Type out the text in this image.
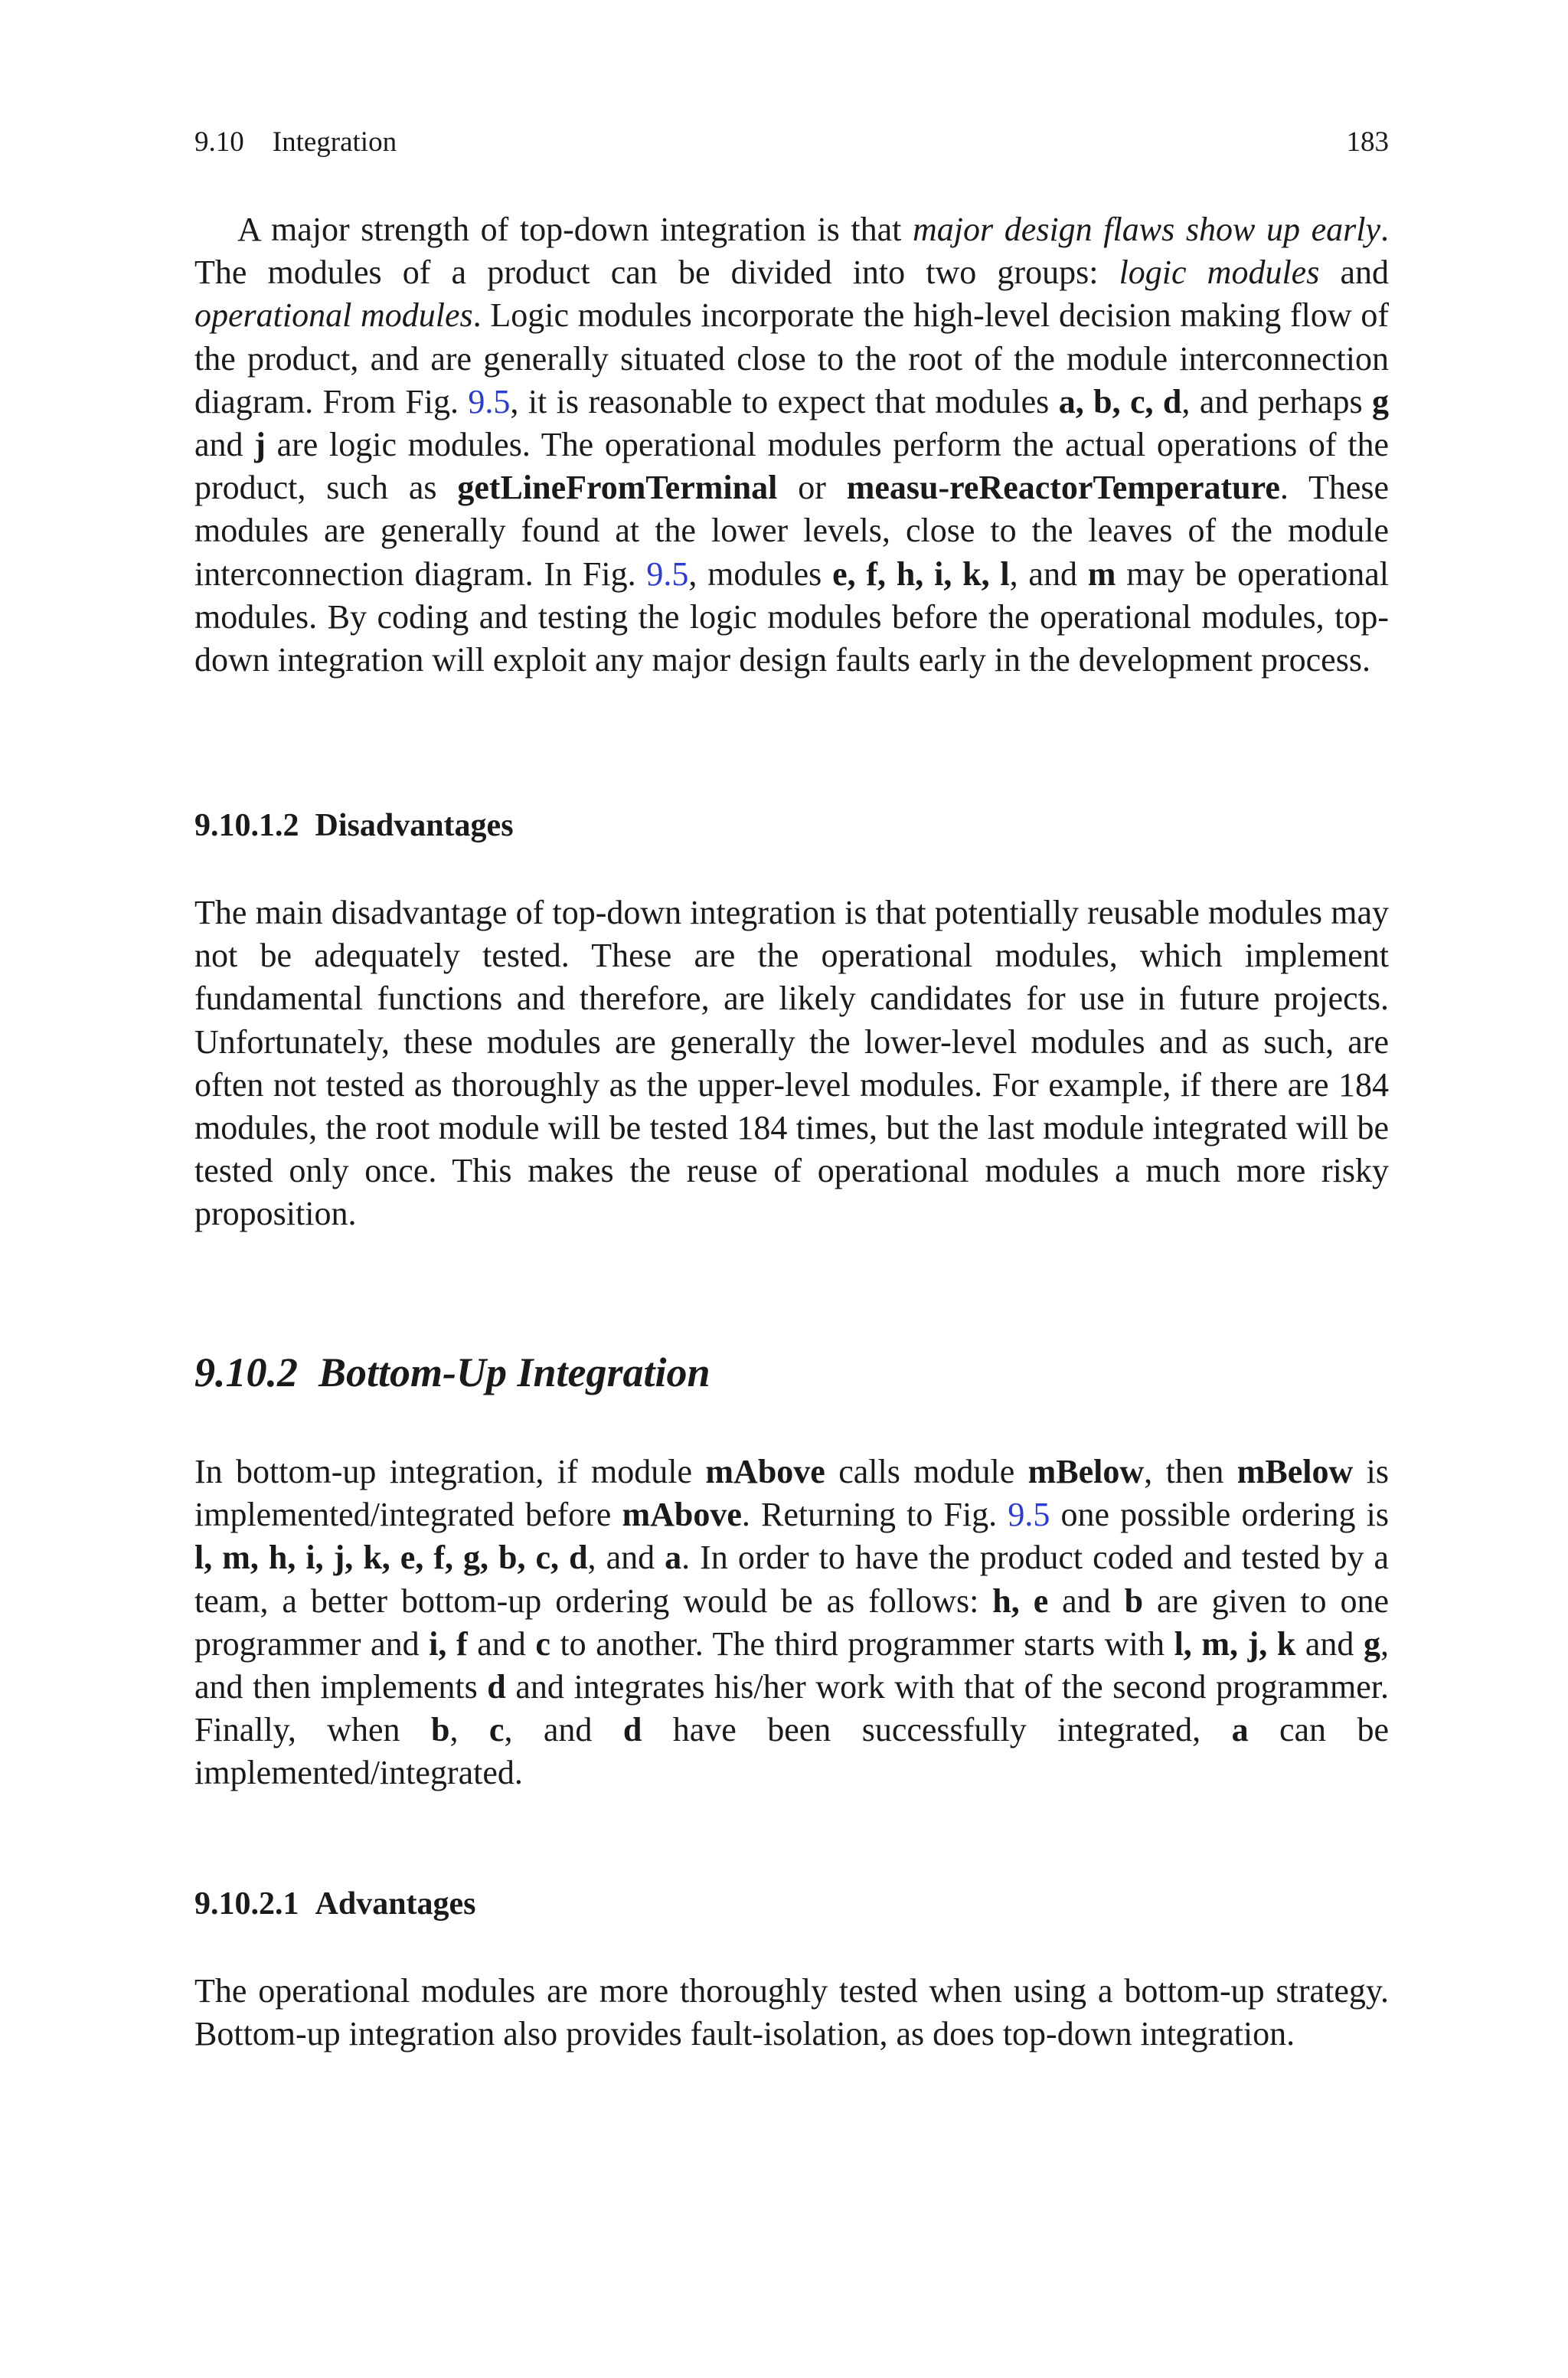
9.10 Integration	183

A major strength of top-down integration is that major design flaws show up early. The modules of a product can be divided into two groups: logic modules and operational modules. Logic modules incorporate the high-level decision making flow of the product, and are generally situated close to the root of the module interconnection diagram. From Fig. 9.5, it is reasonable to expect that modules a, b, c, d, and perhaps g and j are logic modules. The operational modules perform the actual operations of the product, such as getLineFromTerminal or measu-reReactorTemperature. These modules are generally found at the lower levels, close to the leaves of the module interconnection diagram. In Fig. 9.5, modules e, f, h, i, k, l, and m may be operational modules. By coding and testing the logic modules before the operational modules, top-down integration will exploit any major design faults early in the development process.

9.10.1.2 Disadvantages

The main disadvantage of top-down integration is that potentially reusable modules may not be adequately tested. These are the operational modules, which implement fundamental functions and therefore, are likely candidates for use in future projects. Unfortunately, these modules are generally the lower-level modules and as such, are often not tested as thoroughly as the upper-level modules. For example, if there are 184 modules, the root module will be tested 184 times, but the last module integrated will be tested only once. This makes the reuse of operational modules a much more risky proposition.

9.10.2 Bottom-Up Integration

In bottom-up integration, if module mAbove calls module mBelow, then mBelow is implemented/integrated before mAbove. Returning to Fig. 9.5 one possible ordering is l, m, h, i, j, k, e, f, g, b, c, d, and a. In order to have the product coded and tested by a team, a better bottom-up ordering would be as follows: h, e and b are given to one programmer and i, f and c to another. The third programmer starts with l, m, j, k and g, and then implements d and integrates his/her work with that of the second programmer. Finally, when b, c, and d have been successfully integrated, a can be implemented/integrated.

9.10.2.1 Advantages

The operational modules are more thoroughly tested when using a bottom-up strategy. Bottom-up integration also provides fault-isolation, as does top-down integration.
